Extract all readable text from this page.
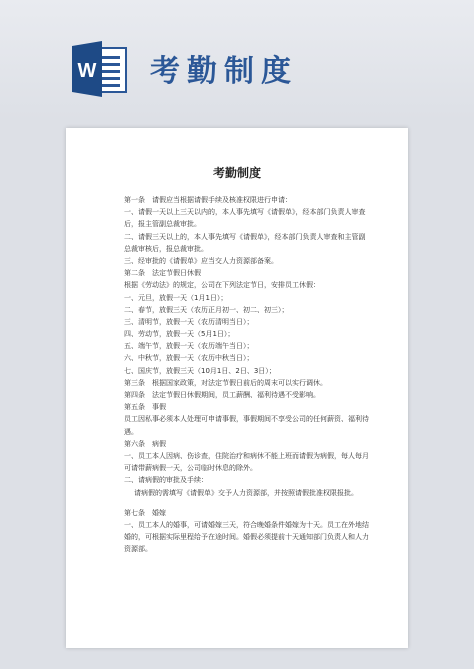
W 考勤制度
考勤制度
第一条　请假应当根据请假手续及核准权限进行申请：
一、请假一天以上三天以内的，本人事先填写《请假单》，经本部门负责人审查
后，报主管副总裁审批。
二、请假三天以上的，本人事先填写《请假单》，经本部门负责人审查和主管副
总裁审核后，报总裁审批。
三、经审批的《请假单》应当交人力资源部备案。
第二条　法定节假日休假
根据《劳动法》的规定，公司在下列法定节日，安排员工休假：
一、元旦，放假一天（1月1日）；
二、春节，放假三天（农历正月初一、初二、初三）；
三、清明节，放假一天（农历清明当日）；
四、劳动节，放假一天（5月1日）；
五、端午节，放假一天（农历端午当日）；
六、中秋节，放假一天（农历中秋当日）；
七、国庆节，放假三天（10月1日、2日、3日）；
第三条　根据国家政策，对法定节假日前后的周末可以实行调休。
第四条　法定节假日休假期间，员工薪酬、福利待遇不受影响。
第五条　事假
员工因私事必须本人处理可申请事假，事假期间不享受公司的任何薪资、福利待
遇。
第六条　病假
一、员工本人因病、伤诊查，住院治疗和病休不能上班而请假为病假，每人每月
可请带薪病假一天，公司临时休息的除外。
二、请病假的审批及手续：
请病假的需填写《请假单》交予人力资源部，并按照请假批准权限报批。
第七条　婚嫁
一、员工本人的婚事，可请婚嫁三天，符合晚婚条件婚嫁为十天。员工在外地结
婚的，可根据实际里程给予在途时间。婚假必须提前十天通知部门负责人和人力
资源部。
